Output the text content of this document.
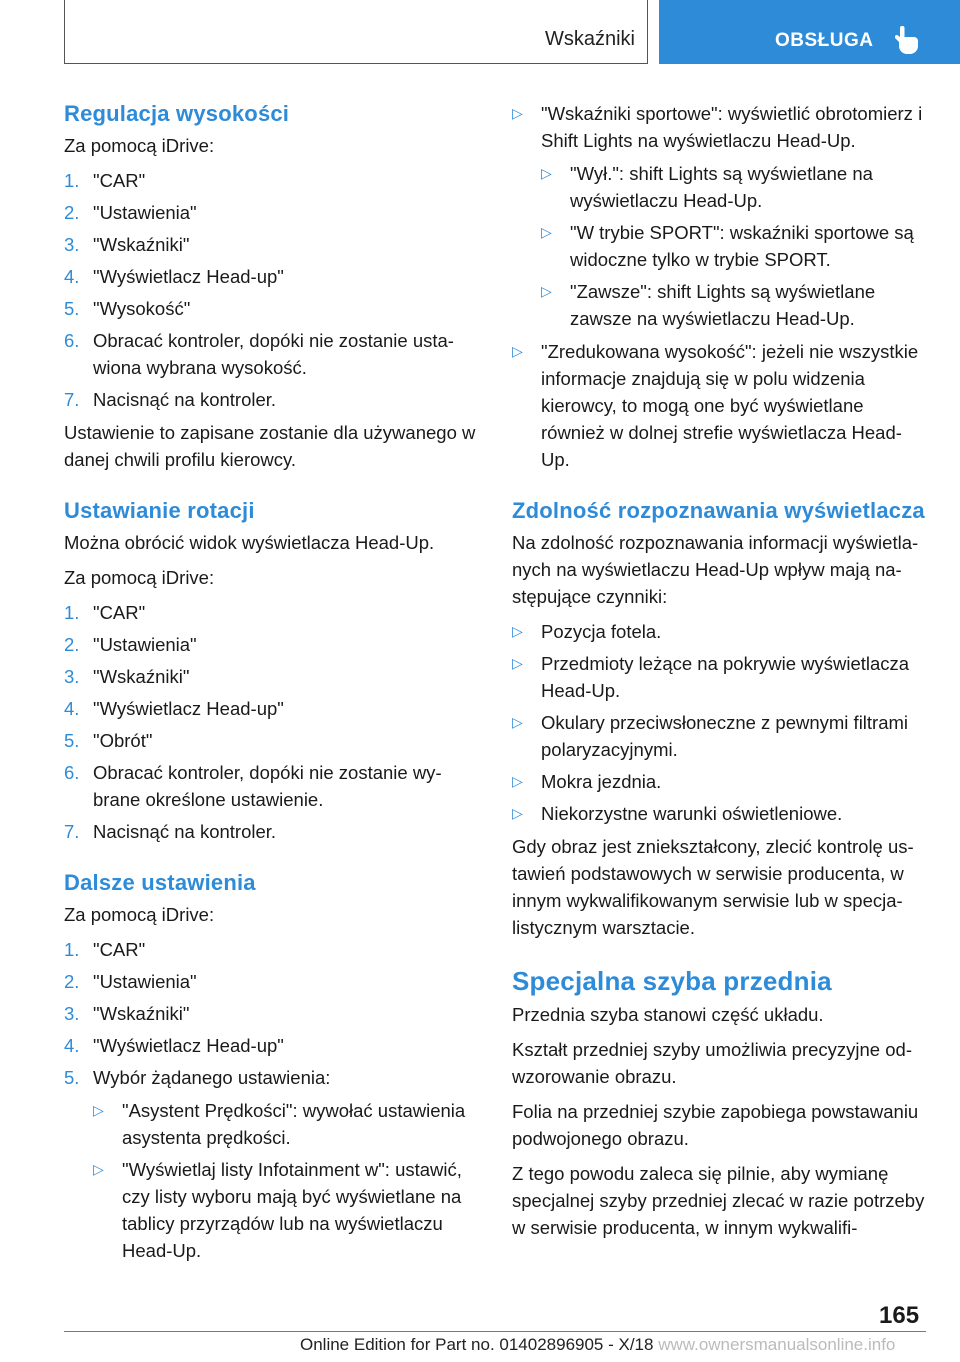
Wskaźniki	OBSŁUGA
Regulacja wysokości

Za pomocą iDrive:

1. "CAR"
2. "Ustawienia"
3. "Wskaźniki"
4. "Wyświetlacz Head-up"
5. "Wysokość"
6. Obracać kontroler, dopóki nie zostanie ustawiona wybrana wysokość.
7. Nacisnąć na kontroler.

Ustawienie to zapisane zostanie dla używanego w danej chwili profilu kierowcy.

Ustawianie rotacji

Można obrócić widok wyświetlacza Head-Up.

Za pomocą iDrive:

1. "CAR"
2. "Ustawienia"
3. "Wskaźniki"
4. "Wyświetlacz Head-up"
5. "Obrót"
6. Obracać kontroler, dopóki nie zostanie wybrane określone ustawienie.
7. Nacisnąć na kontroler.
Dalsze ustawienia

Za pomocą iDrive:

1. "CAR"
2. "Ustawienia"
3. "Wskaźniki"
4. "Wyświetlacz Head-up"
5. Wybór żądanego ustawienia:
▷ "Asystent Prędkości": wywołać ustawienia asystenta prędkości.
▷ "Wyświetlaj listy Infotainment w": ustawić, czy listy wyboru mają być wyświetlane na tablicy przyrządów lub na wyświetlaczu Head-Up.
▷ "Wskaźniki sportowe": wyświetlić obrotomierz i Shift Lights na wyświetlaczu Head-Up.
▷ "Wył.": shift Lights są wyświetlane na wyświetlaczu Head-Up.
▷ "W trybie SPORT": wskaźniki sportowe są widoczne tylko w trybie SPORT.
▷ "Zawsze": shift Lights są wyświetlane zawsze na wyświetlaczu Head-Up.
▷ "Zredukowana wysokość": jeżeli nie wszystkie informacje znajdują się w polu widzenia kierowcy, to mogą one być wyświetlane również w dolnej strefie wyświetlacza Head-Up.
Zdolność rozpoznawania wyświetlacza

Na zdolność rozpoznawania informacji wyświetlanych na wyświetlaczu Head-Up wpływ mają następujące czynniki:

▷ Pozycja fotela.
▷ Przedmioty leżące na pokrywie wyświetlacza Head-Up.
▷ Okulary przeciwsłoneczne z pewnymi filtrami polaryzacyjnymi.
▷ Mokra jezdnia.
▷ Niekorzystne warunki oświetleniowe.

Gdy obraz jest zniekształcony, zlecić kontrolę ustawień podstawowych w serwisie producenta, w innym wykwalifikowanym serwisie lub w specjalistycznym warsztacie.

Specjalna szyba przednia

Przednia szyba stanowi część układu.

Kształt przedniej szyby umożliwia precyzyjne odwzorowanie obrazu.

Folia na przedniej szybie zapobiega powstawaniu podwojonego obrazu.

Z tego powodu zaleca się pilnie, aby wymianę specjalnej szyby przedniej zlecać w razie potrzeby w serwisie producenta, w innym wykwalifi-

165
Online Edition for Part no. 01402896905 - X/18 www.ownersmanualsonline.info
